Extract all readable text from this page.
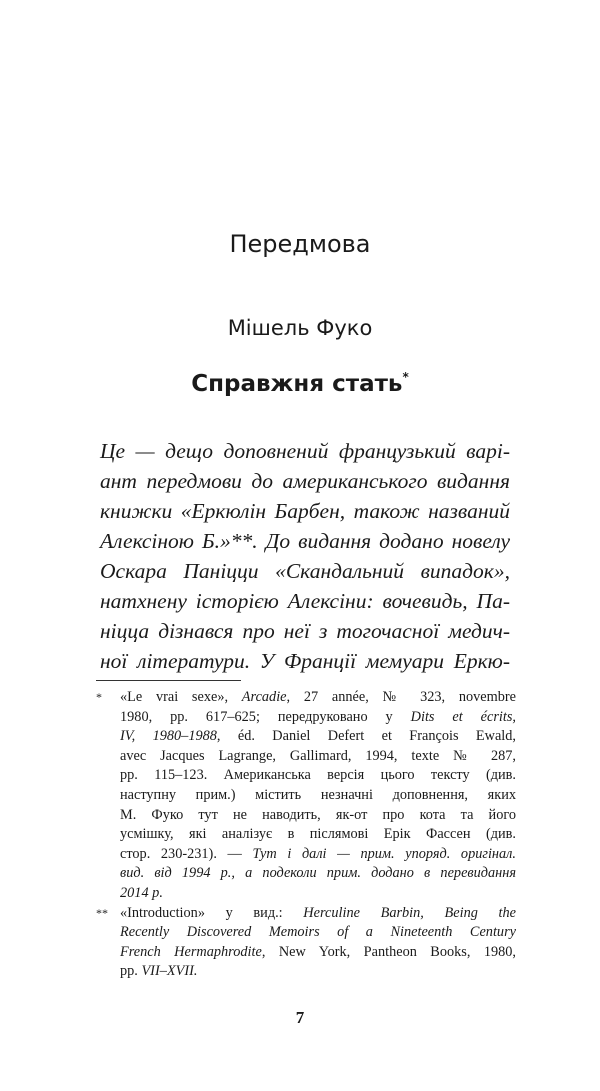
Передмова
Мішель Фуко
Справжня стать*
Це — дещо доповнений французький варі-
ант передмови до американського видання
книжки «Еркюлін Барбен, також названий
Алексіною Б.»**. До видання додано новелу
Оскара Паніцци «Скандальний випадок»,
натхнену історією Алексіни: вочевидь, Па-
ніцца дізнався про неї з тогочасної медич-
ної літератури. У Франції мемуари Еркю-
* «Le vrai sexe», Arcadie, 27 année, № 323, novembre
1980, pp. 617–625; передруковано у Dits et écrits,
IV, 1980–1988, éd. Daniel Defert et François Ewald,
avec Jacques Lagrange, Gallimard, 1994, texte № 287,
pp. 115–123. Американська версія цього тексту (див.
наступну прим.) містить незначні доповнення, яких
М. Фуко тут не наводить, як-от про кота та його
усмішку, які аналізує в післямові Ерік Фассен (див.
стор. 230-231). — Тут і далі — прим. упоряд. оригінал.
вид. від 1994 р., а подеколи прим. додано в перевидання
2014 р.
** «Introduction» у вид.: Herculine Barbin, Being the
Recently Discovered Memoirs of a Nineteenth Century
French Hermaphrodite, New York, Pantheon Books, 1980,
pp. VII–XVII.
7
